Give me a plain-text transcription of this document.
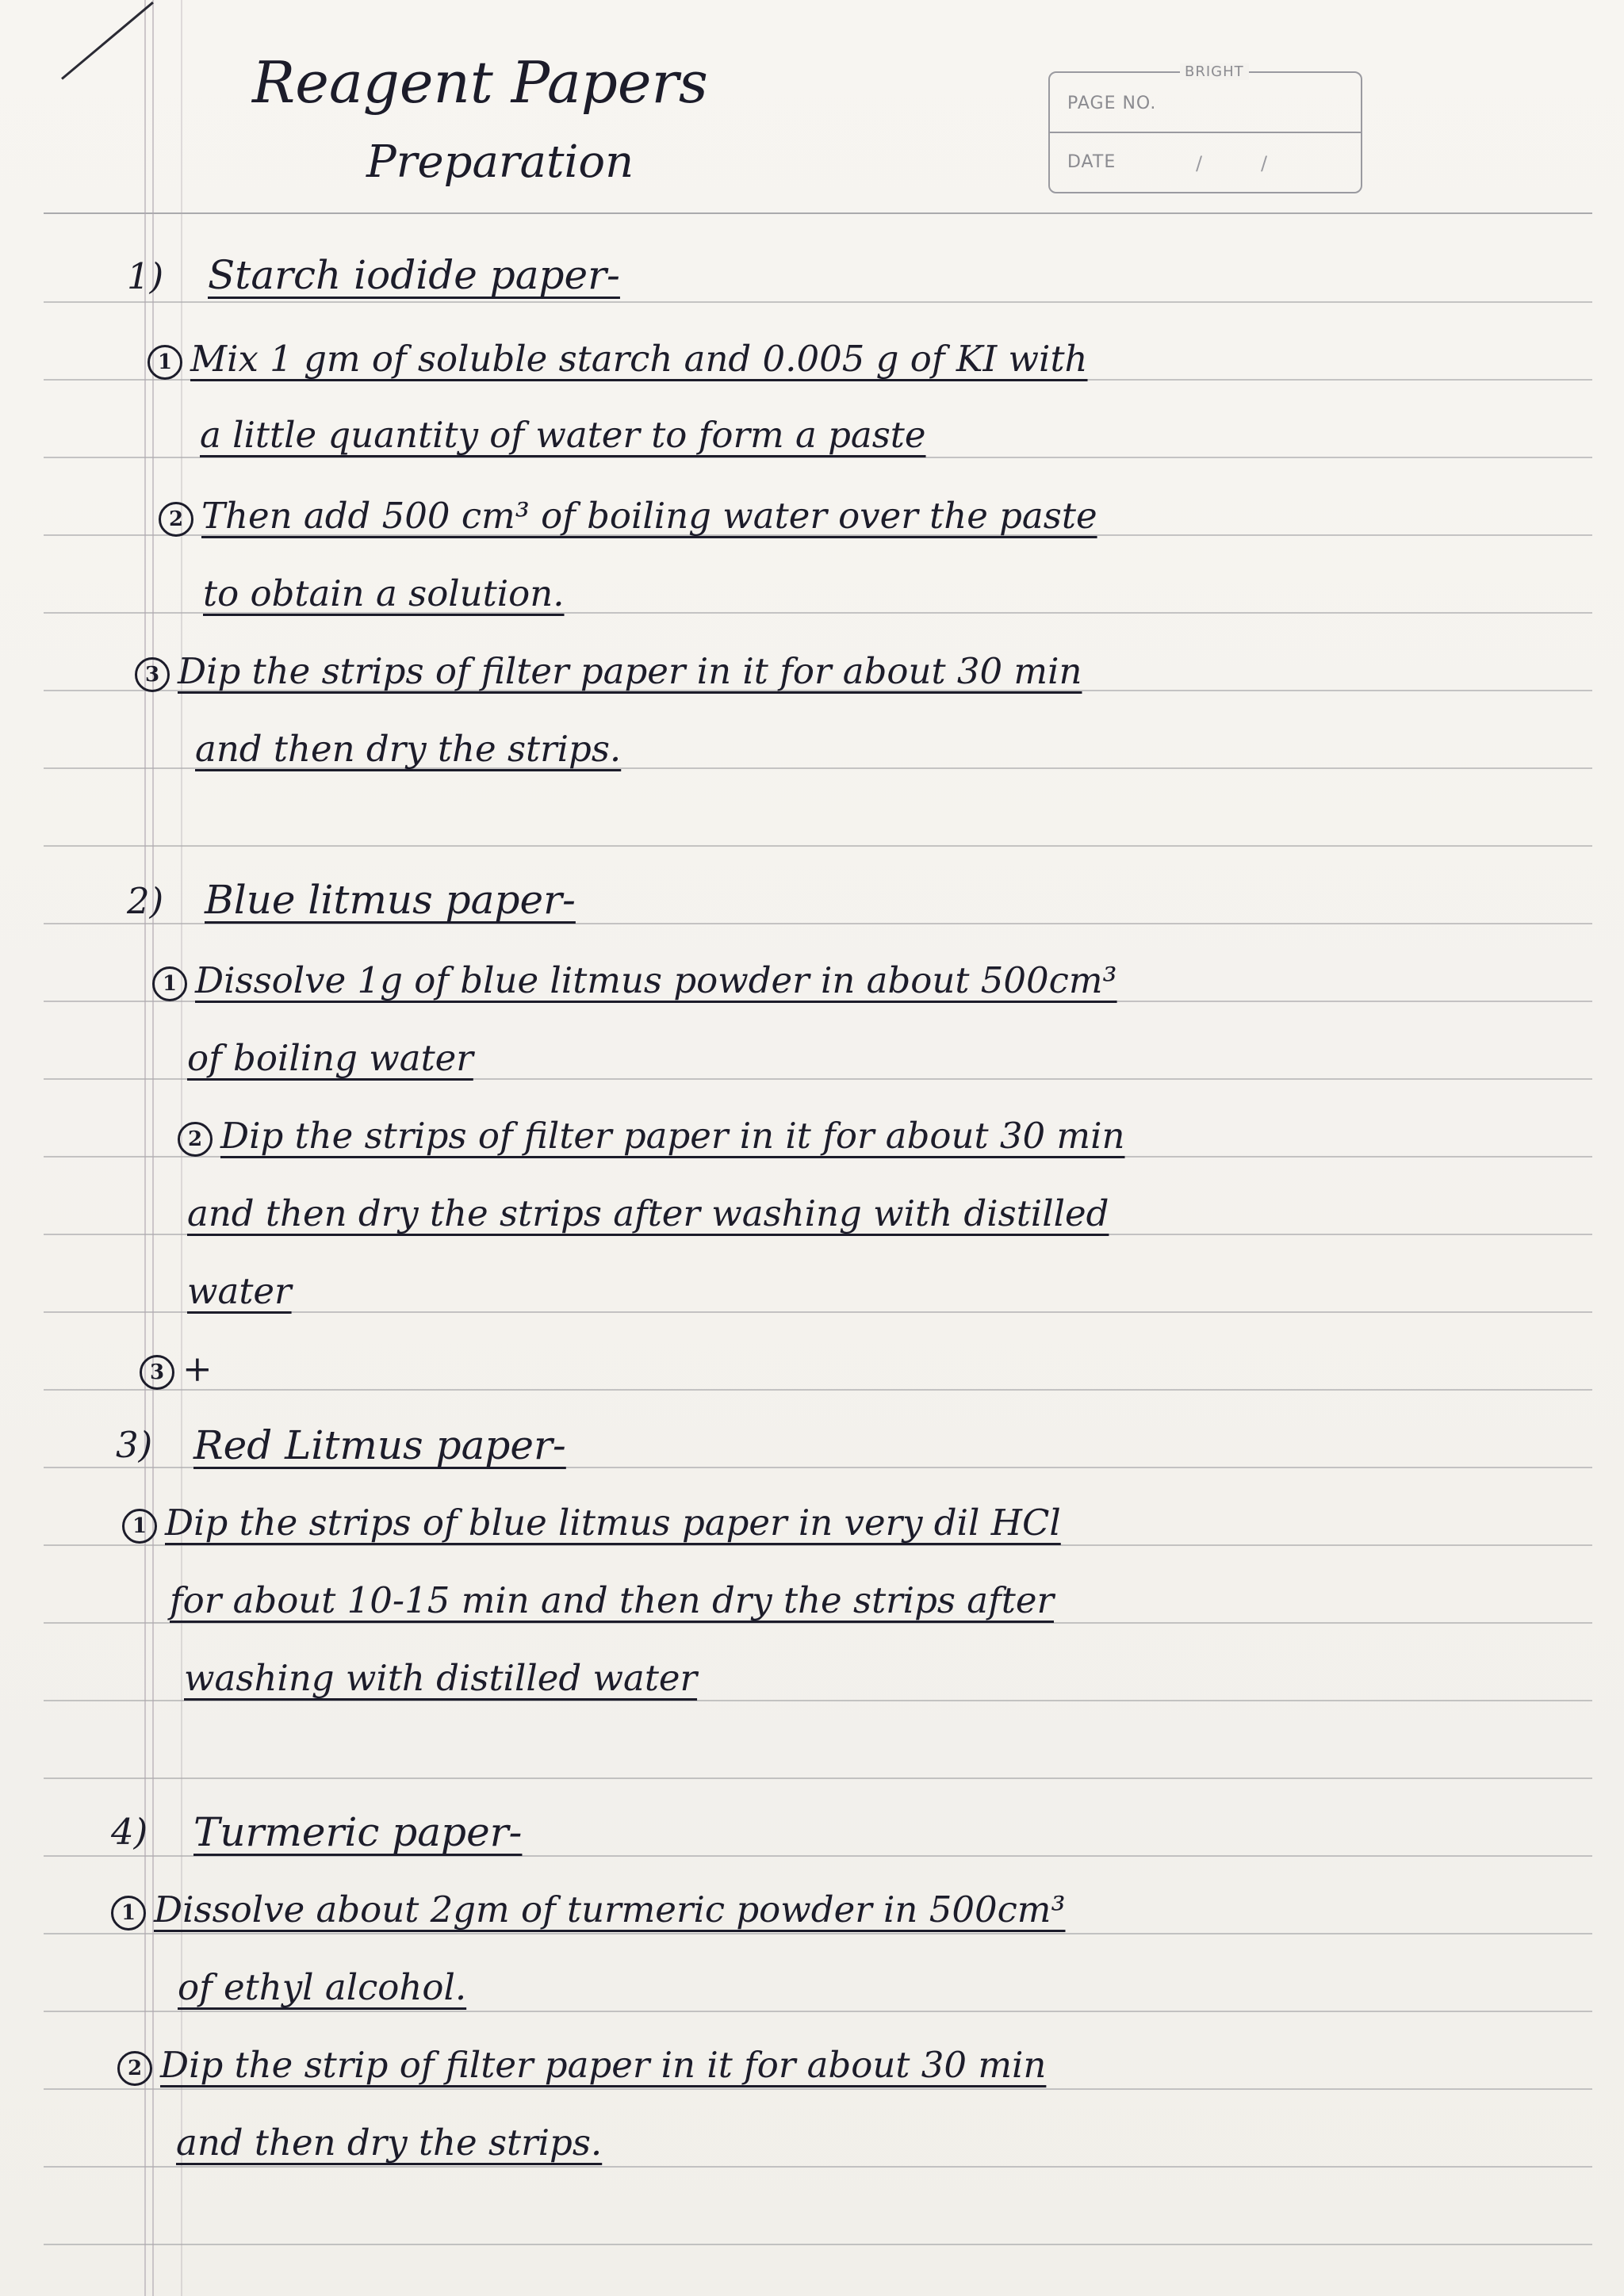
BRIGHT
PAGE NO.
DATE	/	/
Reagent Papers
Preparation
1) Starch iodide paper-
1 Mix 1 gm of soluble starch and 0.005 g of KI with
a little quantity of water to form a paste
2 Then add 500 cm³ of boiling water over the paste
to obtain a solution.
3 Dip the strips of filter paper in it for about 30 min
and then dry the strips.
2) Blue litmus paper-
1 Dissolve 1g of blue litmus powder in about 500cm³
of boiling water
2 Dip the strips of filter paper in it for about 30 min
and then dry the strips after washing with distilled
water
3 +
3) Red Litmus paper-
1 Dip the strips of blue litmus paper in very dil HCl
for about 10-15 min and then dry the strips after
washing with distilled water
4) Turmeric paper-
1 Dissolve about 2gm of turmeric powder in 500cm³
of ethyl alcohol.
2 Dip the strip of filter paper in it for about 30 min
and then dry the strips.
